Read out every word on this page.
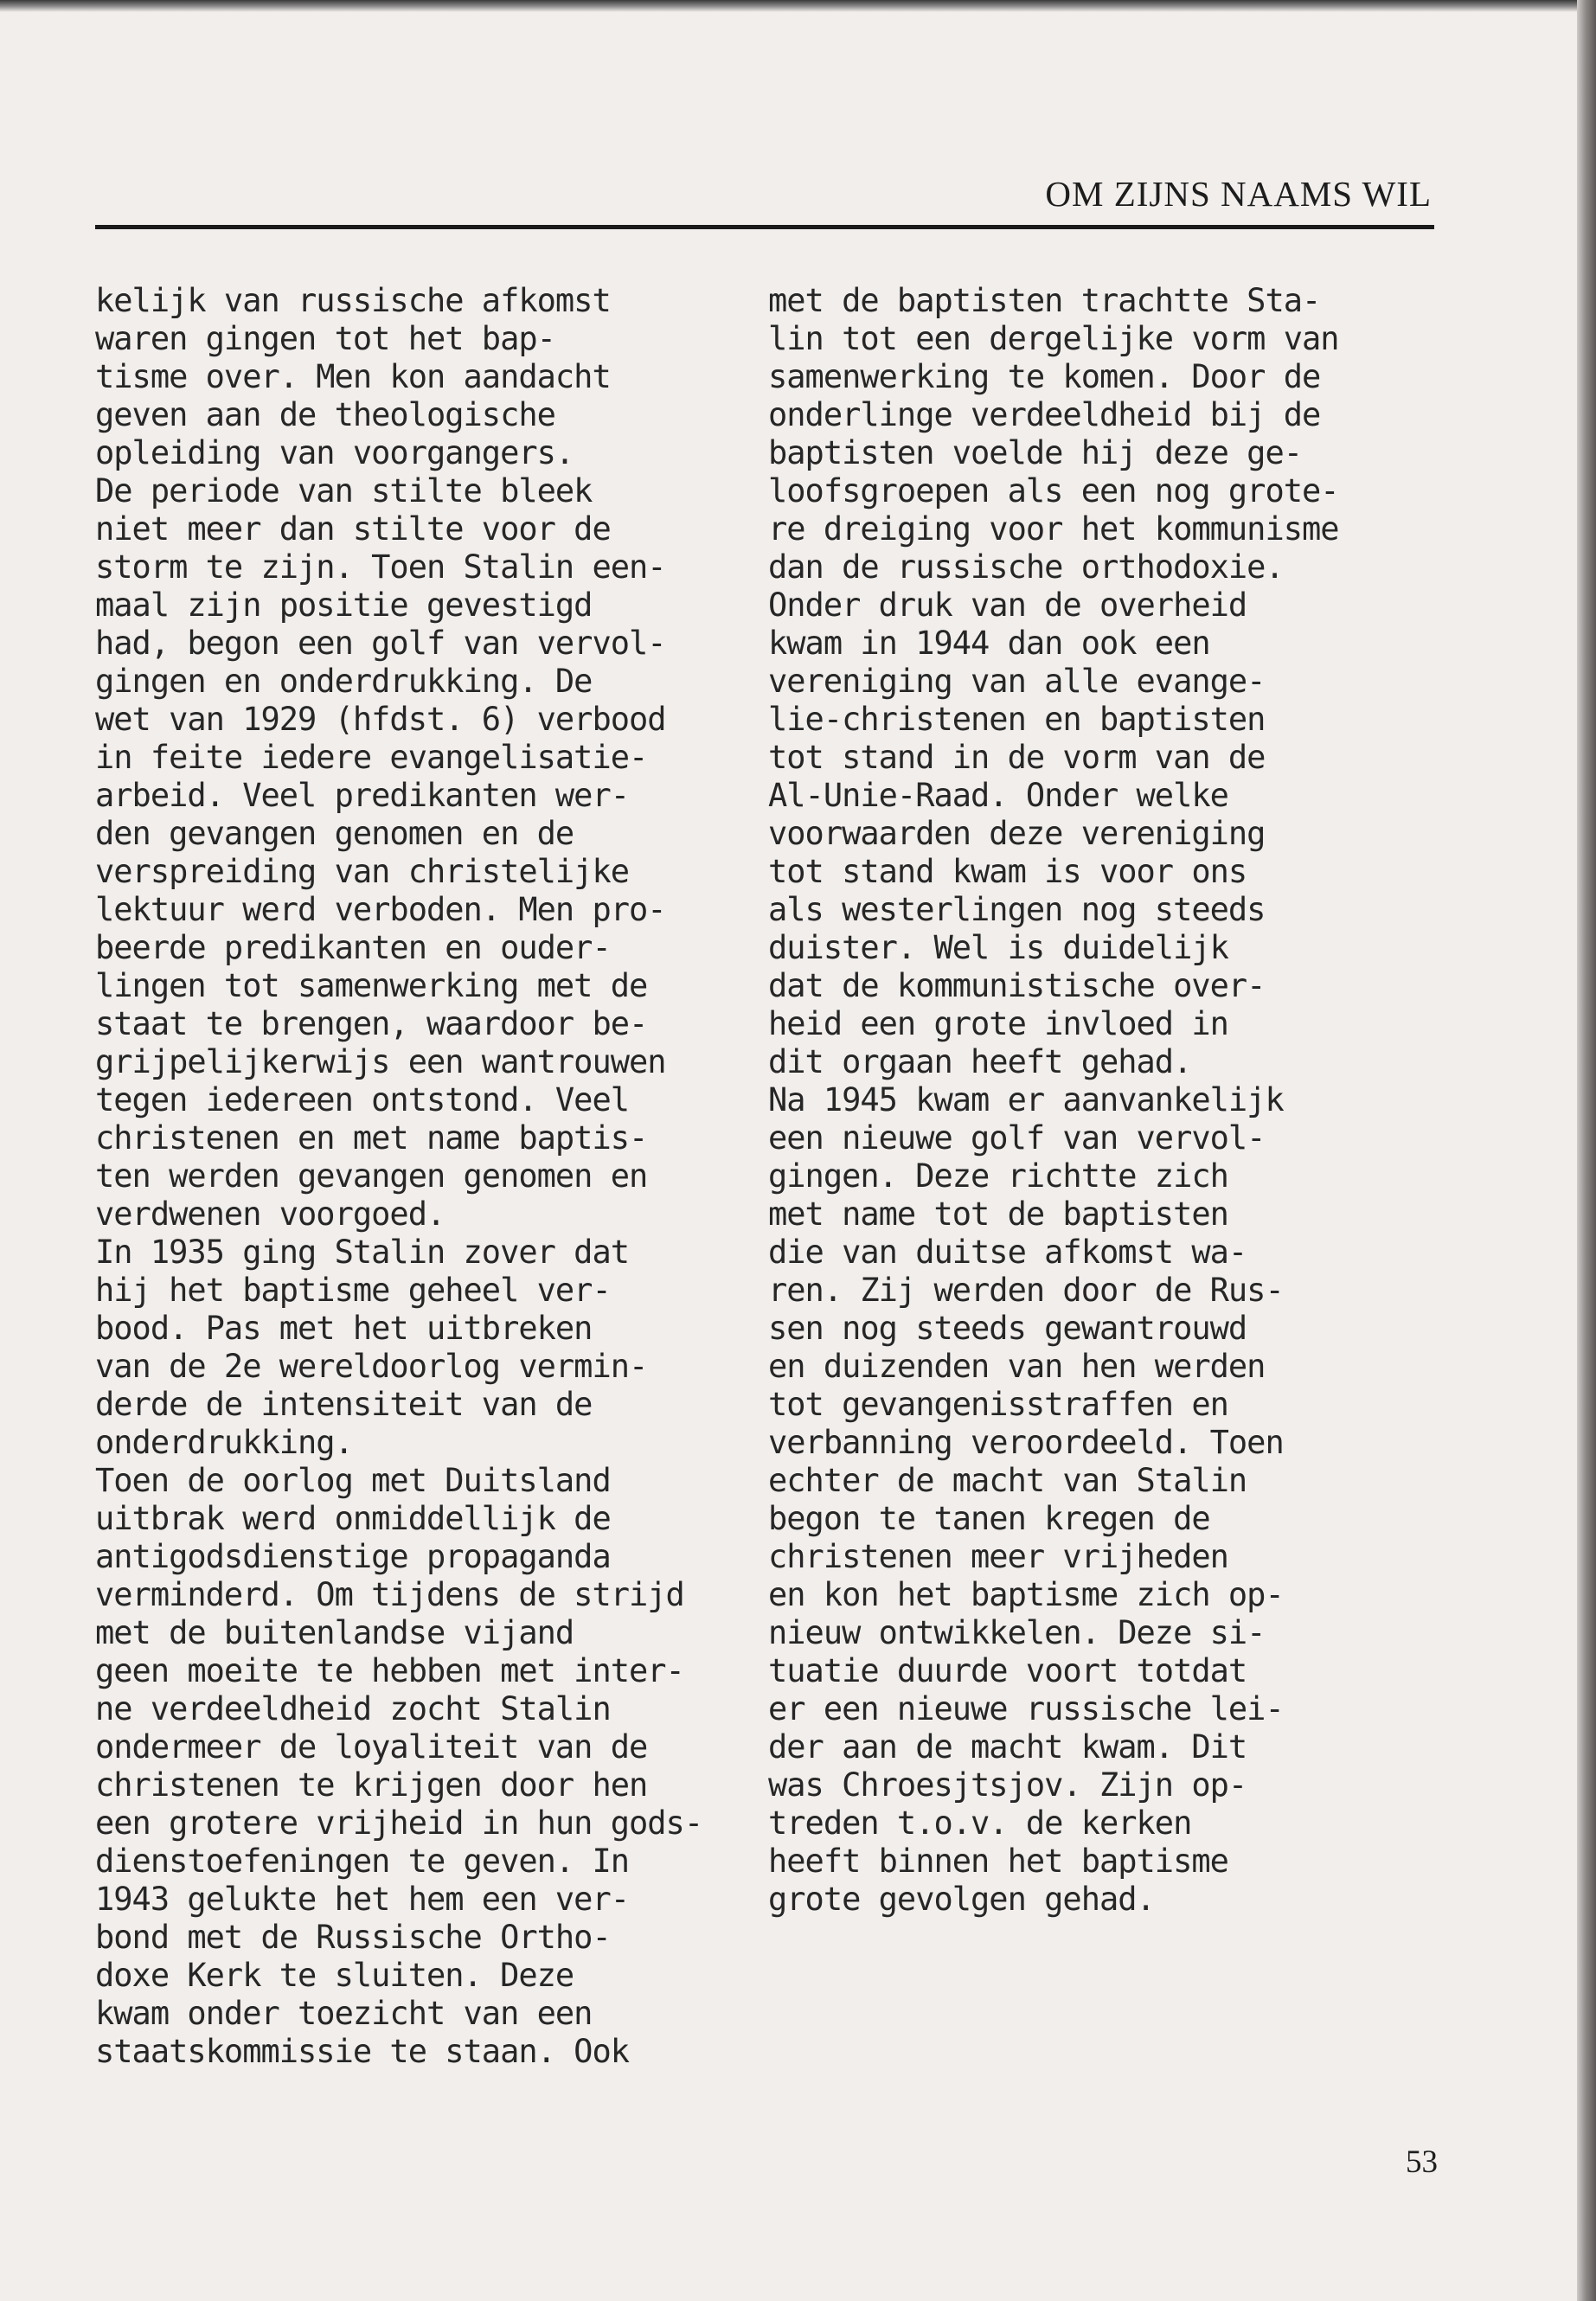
OM ZIJNS NAAMS WIL
kelijk van russische afkomst
waren gingen tot het bap-
tisme over. Men kon aandacht
geven aan de theologische
opleiding van voorgangers.
De periode van stilte bleek
niet meer dan stilte voor de
storm te zijn. Toen Stalin een-
maal zijn positie gevestigd
had, begon een golf van vervol-
gingen en onderdrukking. De
wet van 1929 (hfdst. 6) verbood
in feite iedere evangelisatie-
arbeid. Veel predikanten wer-
den gevangen genomen en de
verspreiding van christelijke
lektuur werd verboden. Men pro-
beerde predikanten en ouder-
lingen tot samenwerking met de
staat te brengen, waardoor be-
grijpelijkerwijs een wantrouwen
tegen iedereen ontstond. Veel
christenen en met name baptis-
ten werden gevangen genomen en
verdwenen voorgoed.
In 1935 ging Stalin zover dat
hij het baptisme geheel ver-
bood. Pas met het uitbreken
van de 2e wereldoorlog vermin-
derde de intensiteit van de
onderdrukking.
Toen de oorlog met Duitsland
uitbrak werd onmiddellijk de
antigodsdienstige propaganda
verminderd. Om tijdens de strijd
met de buitenlandse vijand
geen moeite te hebben met inter-
ne verdeeldheid zocht Stalin
ondermeer de loyaliteit van de
christenen te krijgen door hen
een grotere vrijheid in hun gods-
dienstoefeningen te geven. In
1943 gelukte het hem een ver-
bond met de Russische Ortho-
doxe Kerk te sluiten. Deze
kwam onder toezicht van een
staatskommissie te staan. Ook
met de baptisten trachtte Sta-
lin tot een dergelijke vorm van
samenwerking te komen. Door de
onderlinge verdeeldheid bij de
baptisten voelde hij deze ge-
loofsgroepen als een nog grote-
re dreiging voor het kommunisme
dan de russische orthodoxie.
Onder druk van de overheid
kwam in 1944 dan ook een
vereniging van alle evange-
lie-christenen en baptisten
tot stand in de vorm van de
Al-Unie-Raad. Onder welke
voorwaarden deze vereniging
tot stand kwam is voor ons
als westerlingen nog steeds
duister. Wel is duidelijk
dat de kommunistische over-
heid een grote invloed in
dit orgaan heeft gehad.
Na 1945 kwam er aanvankelijk
een nieuwe golf van vervol-
gingen. Deze richtte zich
met name tot de baptisten
die van duitse afkomst wa-
ren. Zij werden door de Rus-
sen nog steeds gewantrouwd
en duizenden van hen werden
tot gevangenisstraffen en
verbanning veroordeeld. Toen
echter de macht van Stalin
begon te tanen kregen de
christenen meer vrijheden
en kon het baptisme zich op-
nieuw ontwikkelen. Deze si-
tuatie duurde voort totdat
er een nieuwe russische lei-
der aan de macht kwam. Dit
was Chroesjtsjov. Zijn op-
treden t.o.v. de kerken
heeft binnen het baptisme
grote gevolgen gehad.
53
